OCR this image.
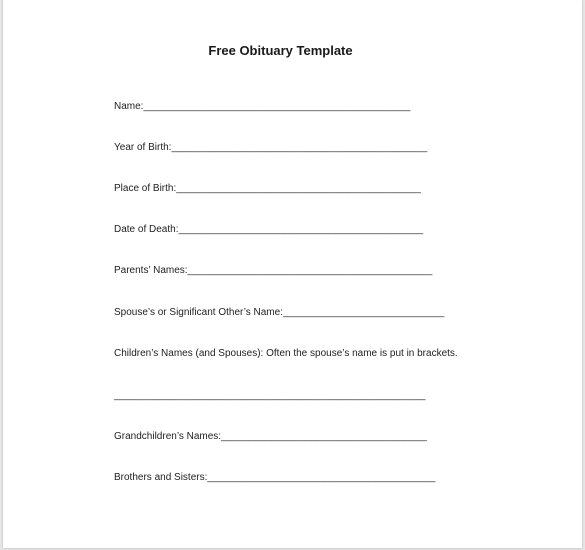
Free Obituary Template
Name:________________________________________________
Year of Birth:______________________________________________
Place of Birth:____________________________________________
Date of Death:____________________________________________
Parents’ Names:____________________________________________
Spouse’s or Significant Other’s Name:_____________________________
Children’s Names (and Spouses): Often the spouse’s name is put in brackets.
________________________________________________________
Grandchildren’s Names:_____________________________________
Brothers and Sisters:_________________________________________
